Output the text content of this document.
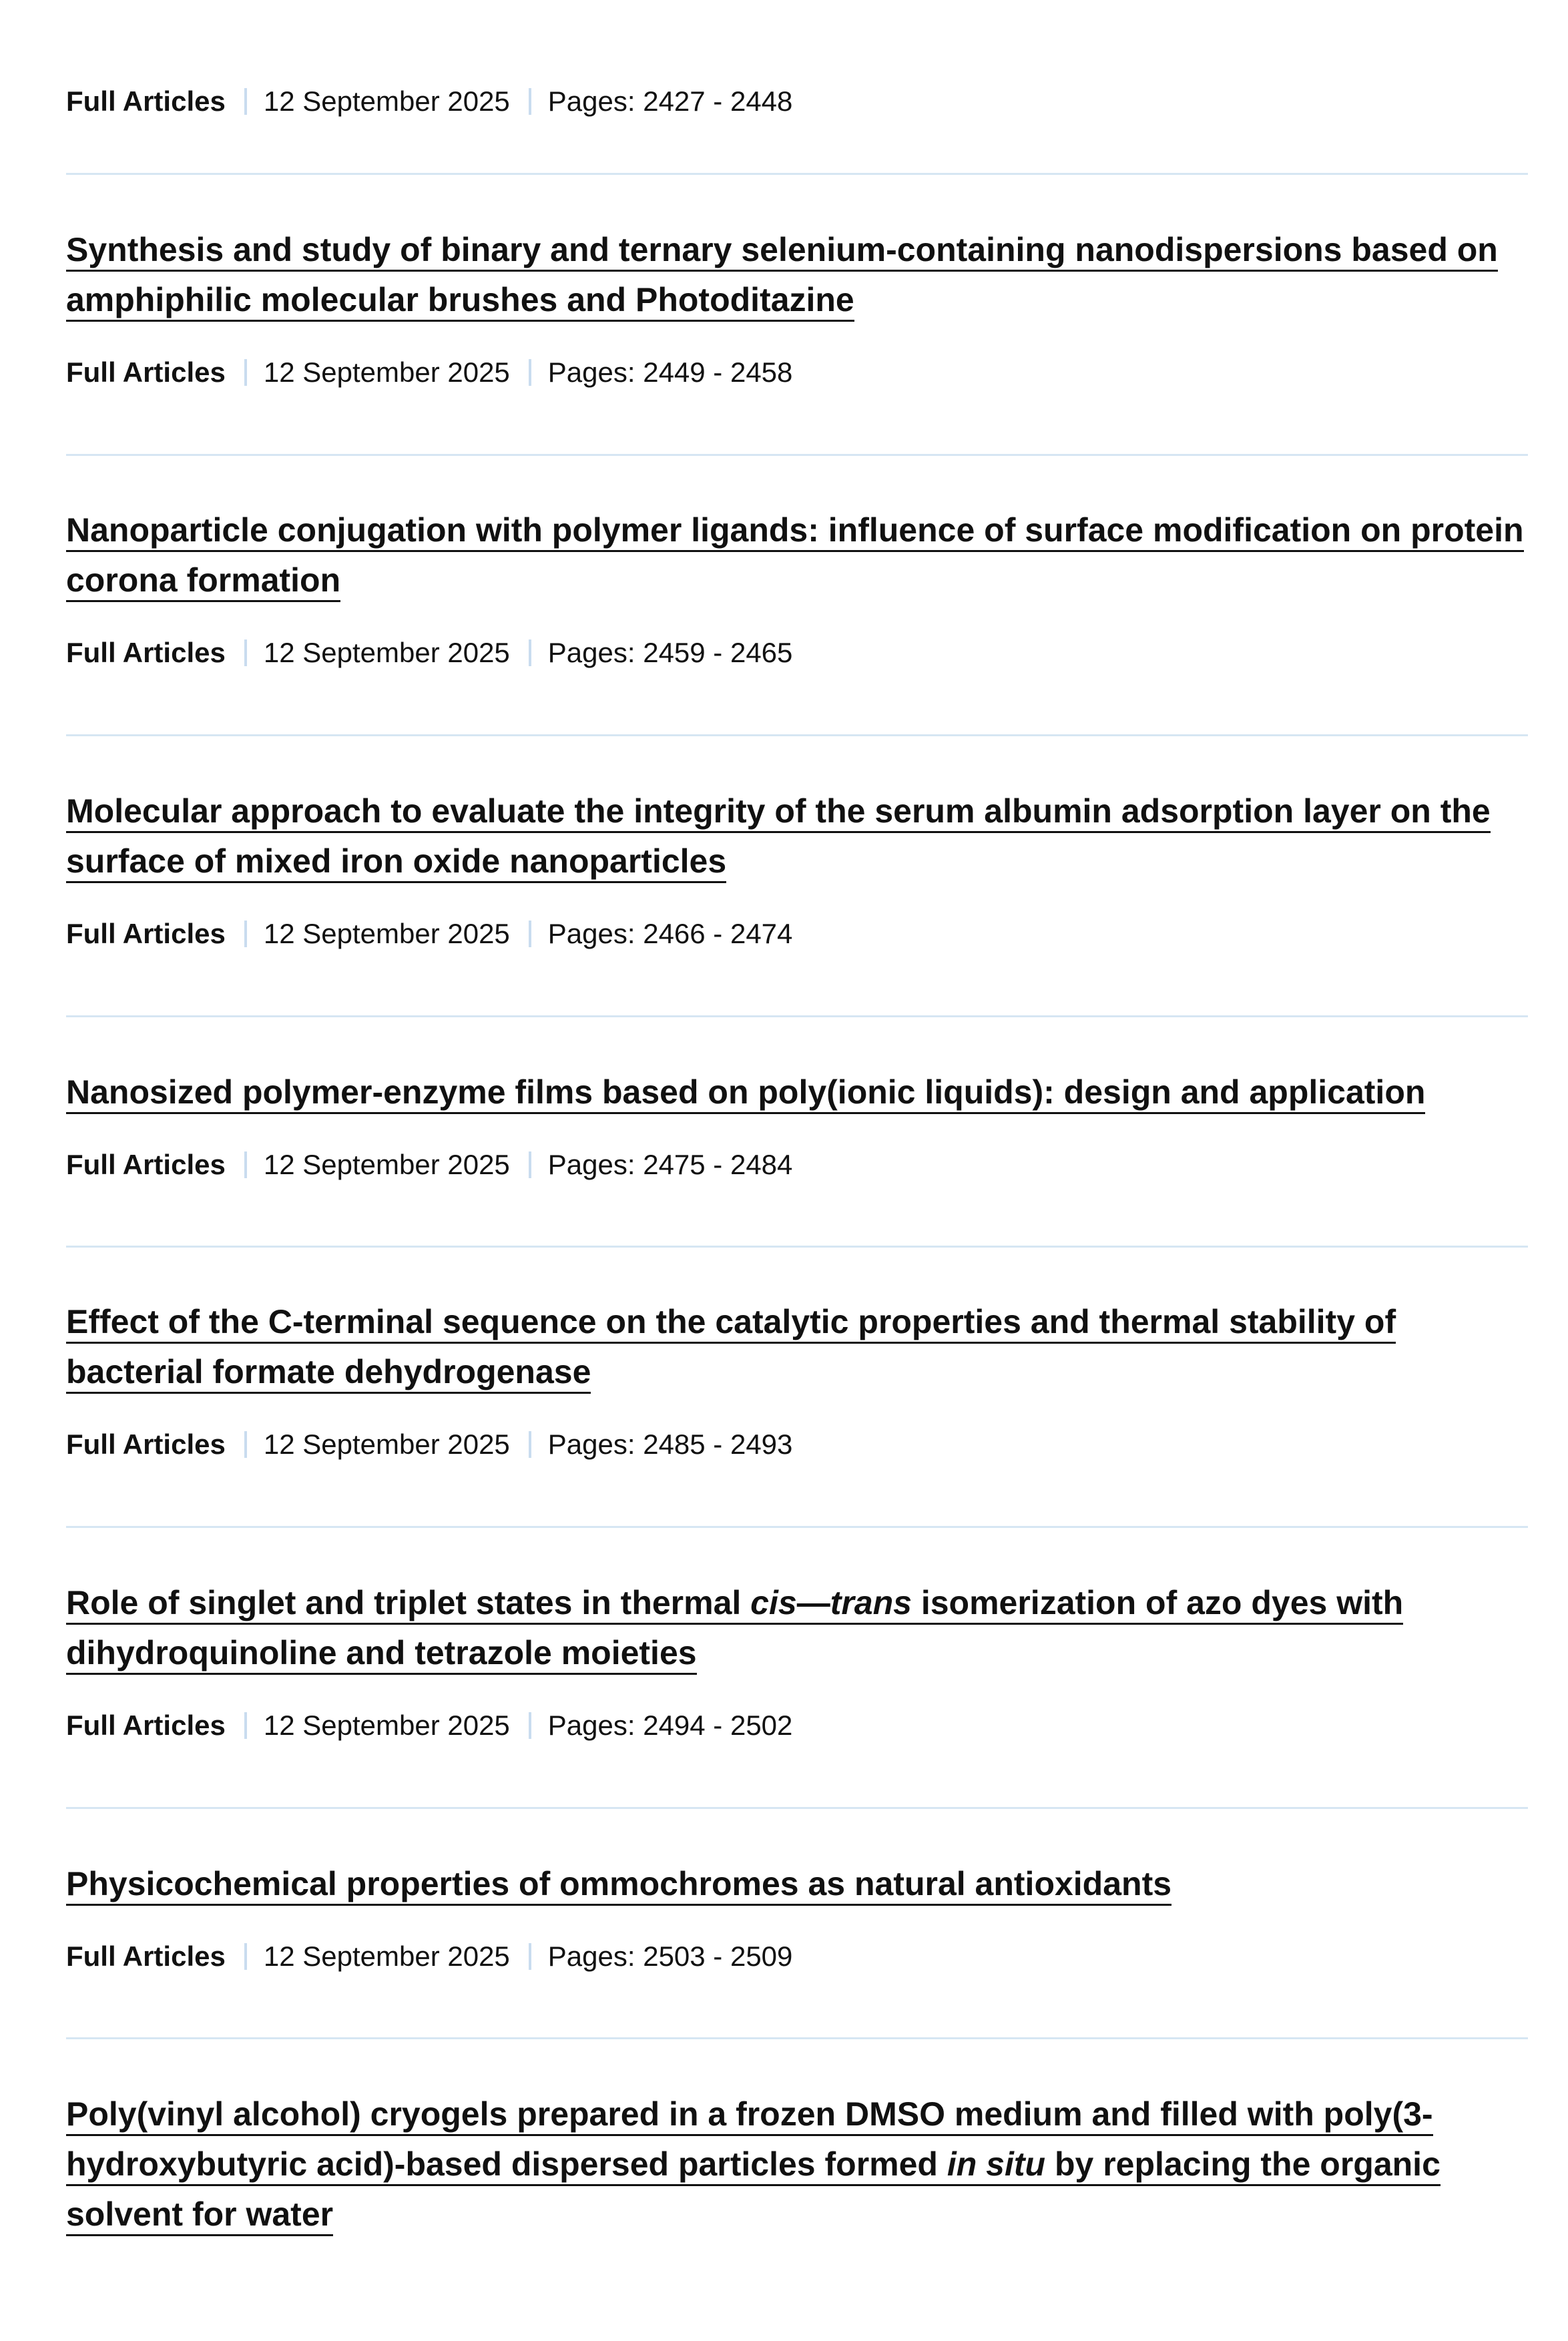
Full Articles 12 September 2025 Pages: 2427 - 2448

Synthesis and study of binary and ternary selenium-containing nanodispersions based on amphiphilic molecular brushes and Photoditazine

Full Articles 12 September 2025 Pages: 2449 - 2458

Nanoparticle conjugation with polymer ligands: influence of surface modification on protein corona formation

Full Articles 12 September 2025 Pages: 2459 - 2465

Molecular approach to evaluate the integrity of the serum albumin adsorption layer on the surface of mixed iron oxide nanoparticles

Full Articles 12 September 2025 Pages: 2466 - 2474

Nanosized polymer-enzyme films based on poly(ionic liquids): design and application

Full Articles 12 September 2025 Pages: 2475 - 2484

Effect of the C-terminal sequence on the catalytic properties and thermal stability of bacterial formate dehydrogenase

Full Articles 12 September 2025 Pages: 2485 - 2493

Role of singlet and triplet states in thermal cis—trans isomerization of azo dyes with dihydroquinoline and tetrazole moieties

Full Articles 12 September 2025 Pages: 2494 - 2502

Physicochemical properties of ommochromes as natural antioxidants

Full Articles 12 September 2025 Pages: 2503 - 2509

Poly(vinyl alcohol) cryogels prepared in a frozen DMSO medium and filled with poly(3-hydroxybutyric acid)-based dispersed particles formed in situ by replacing the organic solvent for water
